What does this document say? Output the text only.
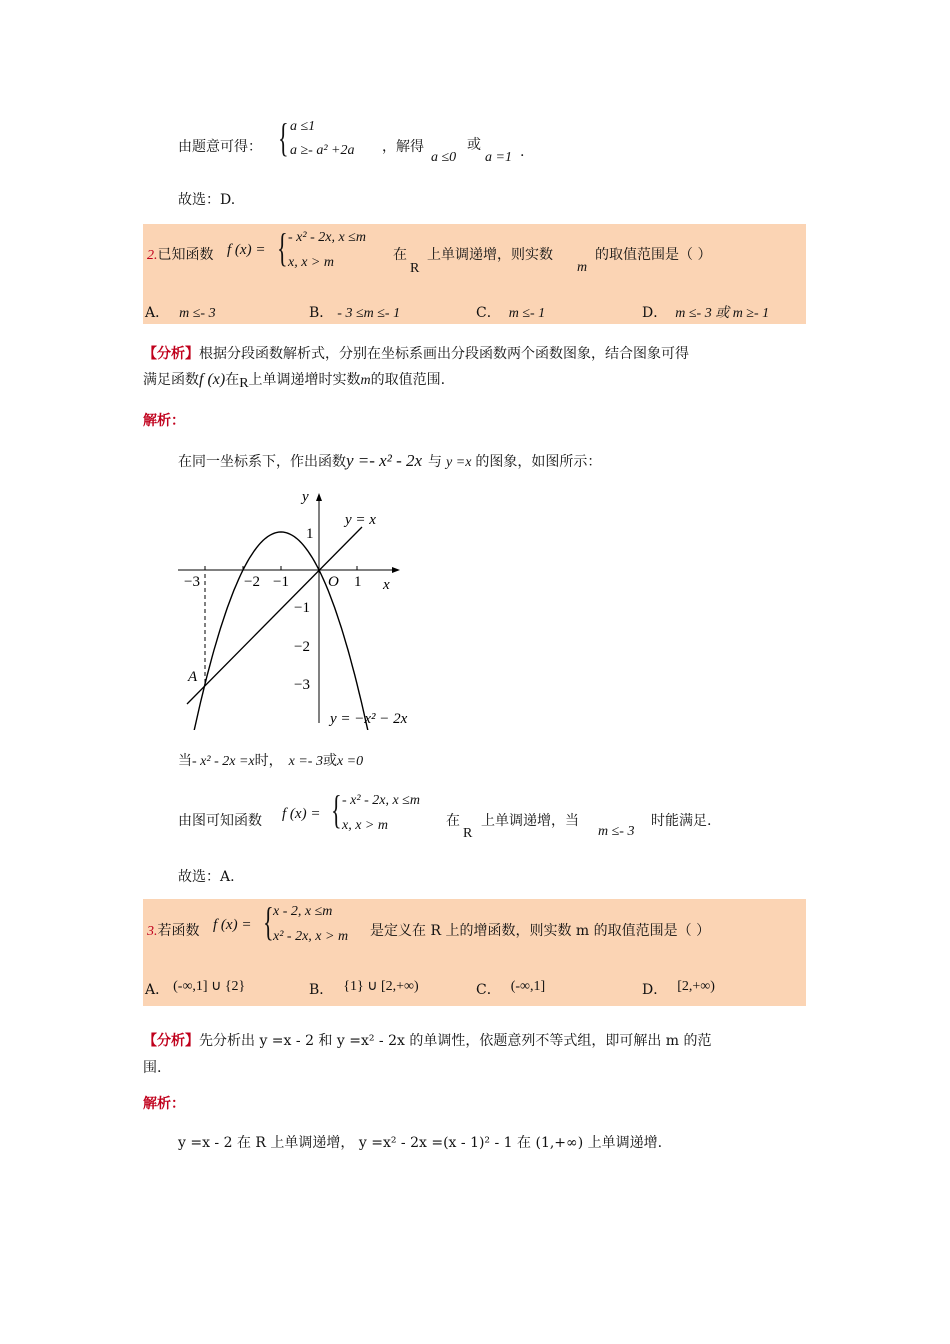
由题意可得： { a ≤1
a ≥- a² +2a ，解得
a ≤0
或
a =1 .
故选：D.
2.已知函数 f (x) = { - x² - 2x, x ≤m
x, x > m	在
R
上单调递增，则实数
m
的取值范围是（ ）
A． m ≤- 3	B． - 3 ≤m ≤- 1	C． m ≤- 1	D． m ≤- 3 或 m ≥- 1
【分析】根据分段函数解析式，分别在坐标系画出分段函数两个函数图象，结合图象可得
满足函数f (x)在R上单调递增时实数m的取值范围.
解析：
在同一坐标系下，作出函数y =- x² - 2x 与 y =x 的图象，如图所示：
y
x
y = x
y = −x² − 2x
O
A
−3	−2 −1	1
1
−1
−2
−3
当- x² - 2x =x时， x =- 3或x =0
由图可知函数 f (x) = { - x² - 2x, x ≤m
x, x > m	在
R
上单调递增，当
m ≤- 3
时能满足.
故选：A.
3.若函数 f (x) = { x - 2, x ≤m
x² - 2x, x > m 是定义在 R 上的增函数，则实数 m 的取值范围是（ ）
A． (-∞,1] ∪ {2}	B． {1} ∪ [2,+∞)	C． (-∞,1]	D． [2,+∞)
【分析】先分析出 y =x - 2 和 y =x² - 2x 的单调性，依题意列不等式组，即可解出 m 的范
围.
解析：
y =x - 2 在 R 上单调递增， y =x² - 2x =(x - 1)² - 1 在 (1,+∞) 上单调递增.
